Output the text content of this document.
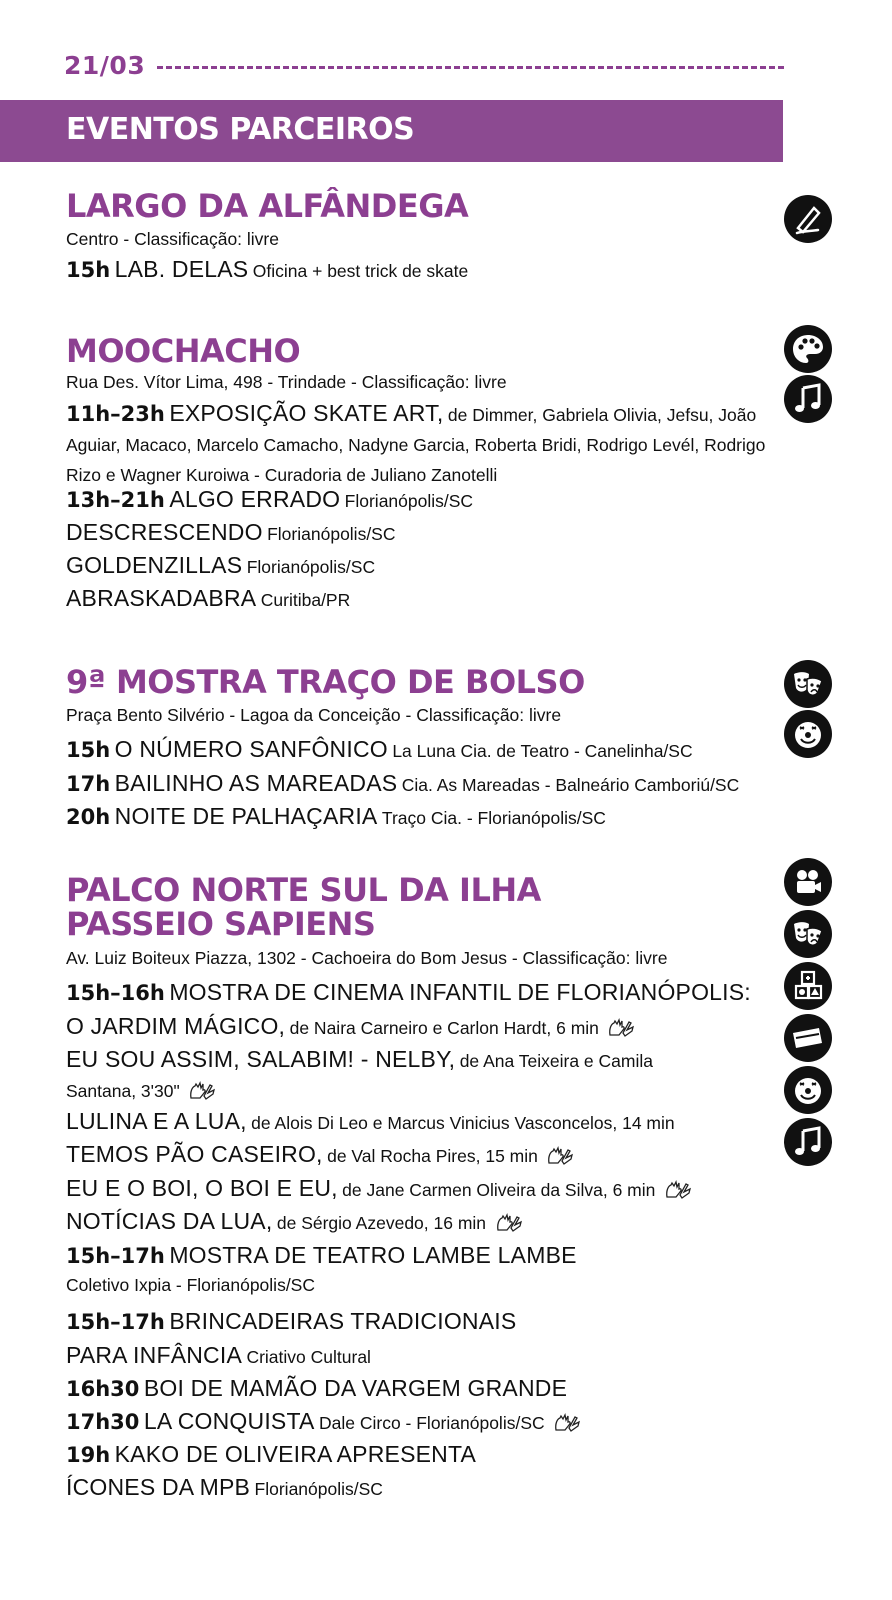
21/03
EVENTOS PARCEIROS
LARGO DA ALFÂNDEGA
Centro - Classificação: livre
15h LAB. DELAS Oficina + best trick de skate
MOOCHACHO
Rua Des. Vítor Lima, 498 - Trindade - Classificação: livre
11h–23h EXPOSIÇÃO SKATE ART, de Dimmer, Gabriela Olivia, Jefsu, João Aguiar, Macaco, Marcelo Camacho, Nadyne Garcia, Roberta Bridi, Rodrigo Levél, Rodrigo Rizo e Wagner Kuroiwa - Curadoria de Juliano Zanotelli
13h–21h ALGO ERRADO Florianópolis/SC
DESCRESCENDO Florianópolis/SC
GOLDENZILLAS Florianópolis/SC
ABRASKADABRA Curitiba/PR
9ª MOSTRA TRAÇO DE BOLSO
Praça Bento Silvério - Lagoa da Conceição - Classificação: livre
15h O NÚMERO SANFÔNICO La Luna Cia. de Teatro - Canelinha/SC
17h BAILINHO AS MAREADAS Cia. As Mareadas - Balneário Camboriú/SC
20h NOITE DE PALHAÇARIA Traço Cia. - Florianópolis/SC
PALCO NORTE SUL DA ILHA
PASSEIO SAPIENS
Av. Luiz Boiteux Piazza, 1302 - Cachoeira do Bom Jesus - Classificação: livre
15h–16h MOSTRA DE CINEMA INFANTIL DE FLORIANÓPOLIS:
O JARDIM MÁGICO, de Naira Carneiro e Carlon Hardt, 6 min
EU SOU ASSIM, SALABIM! - NELBY, de Ana Teixeira e Camila Santana, 3'30"
LULINA E A LUA, de Alois Di Leo e Marcus Vinicius Vasconcelos, 14 min
TEMOS PÃO CASEIRO, de Val Rocha Pires, 15 min
EU E O BOI, O BOI E EU, de Jane Carmen Oliveira da Silva, 6 min
NOTÍCIAS DA LUA, de Sérgio Azevedo, 16 min
15h–17h MOSTRA DE TEATRO LAMBE LAMBE
Coletivo Ixpia - Florianópolis/SC
15h–17h BRINCADEIRAS TRADICIONAIS
PARA INFÂNCIA Criativo Cultural
16h30 BOI DE MAMÃO DA VARGEM GRANDE
17h30 LA CONQUISTA Dale Circo - Florianópolis/SC
19h KAKO DE OLIVEIRA APRESENTA
ÍCONES DA MPB Florianópolis/SC
